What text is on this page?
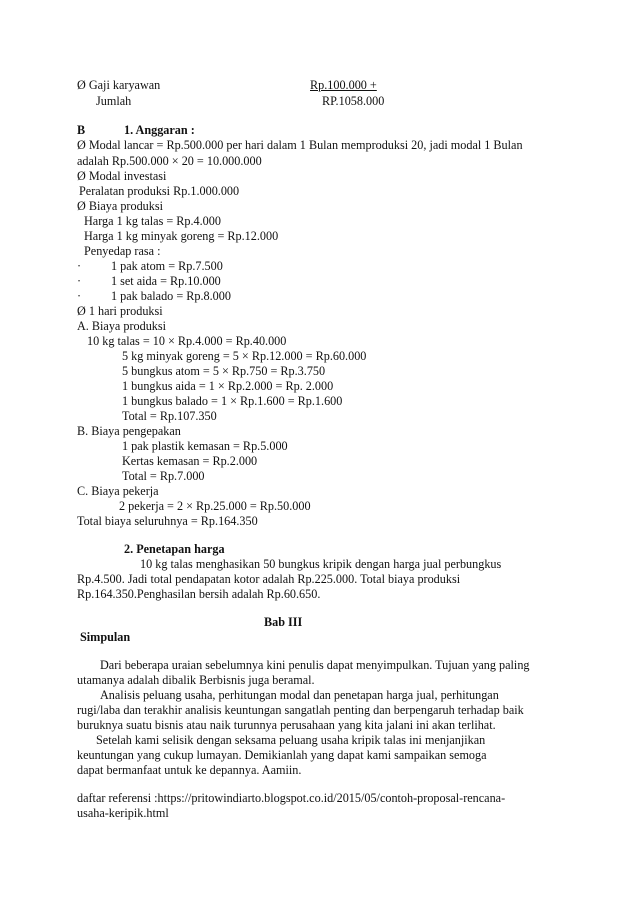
Ø Gaji karyawan	Rp.100.000 +
Jumlah	RP.1058.000
B	1. Anggaran :
Ø Modal lancar = Rp.500.000 per hari dalam 1 Bulan memproduksi 20, jadi modal 1 Bulan
adalah Rp.500.000 × 20 = 10.000.000
Ø Modal investasi
Peralatan produksi Rp.1.000.000
Ø Biaya produksi
Harga 1 kg talas = Rp.4.000
Harga 1 kg minyak goreng = Rp.12.000
Penyedap rasa :
· 1 pak atom = Rp.7.500
· 1 set aida = Rp.10.000
· 1 pak balado = Rp.8.000
Ø 1 hari produksi
A. Biaya produksi
10 kg talas = 10 × Rp.4.000 = Rp.40.000
5 kg minyak goreng = 5 × Rp.12.000 = Rp.60.000
5 bungkus atom = 5 × Rp.750 = Rp.3.750
1 bungkus aida = 1 × Rp.2.000 = Rp. 2.000
1 bungkus balado = 1 × Rp.1.600 = Rp.1.600
Total = Rp.107.350
B. Biaya pengepakan
1 pak plastik kemasan = Rp.5.000
Kertas kemasan = Rp.2.000
Total = Rp.7.000
C. Biaya pekerja
2 pekerja = 2 × Rp.25.000 = Rp.50.000
Total biaya seluruhnya = Rp.164.350
2. Penetapan harga
10 kg talas menghasikan 50 bungkus kripik dengan harga jual perbungkus
Rp.4.500. Jadi total pendapatan kotor adalah Rp.225.000. Total biaya produksi
Rp.164.350.Penghasilan bersih adalah Rp.60.650.
Bab III
Simpulan
Dari beberapa uraian sebelumnya kini penulis dapat menyimpulkan. Tujuan yang paling
utamanya adalah dibalik Berbisnis juga beramal.
Analisis peluang usaha, perhitungan modal dan penetapan harga jual, perhitungan
rugi/laba dan terakhir analisis keuntungan sangatlah penting dan berpengaruh terhadap baik
buruknya suatu bisnis atau naik turunnya perusahaan yang kita jalani ini akan terlihat.
Setelah kami selisik dengan seksama peluang usaha kripik talas ini menjanjikan
keuntungan yang cukup lumayan. Demikianlah yang dapat kami sampaikan semoga
dapat bermanfaat untuk ke depannya. Aamiin.
daftar referensi :https://pritowindiarto.blogspot.co.id/2015/05/contoh-proposal-rencana-
usaha-keripik.html
